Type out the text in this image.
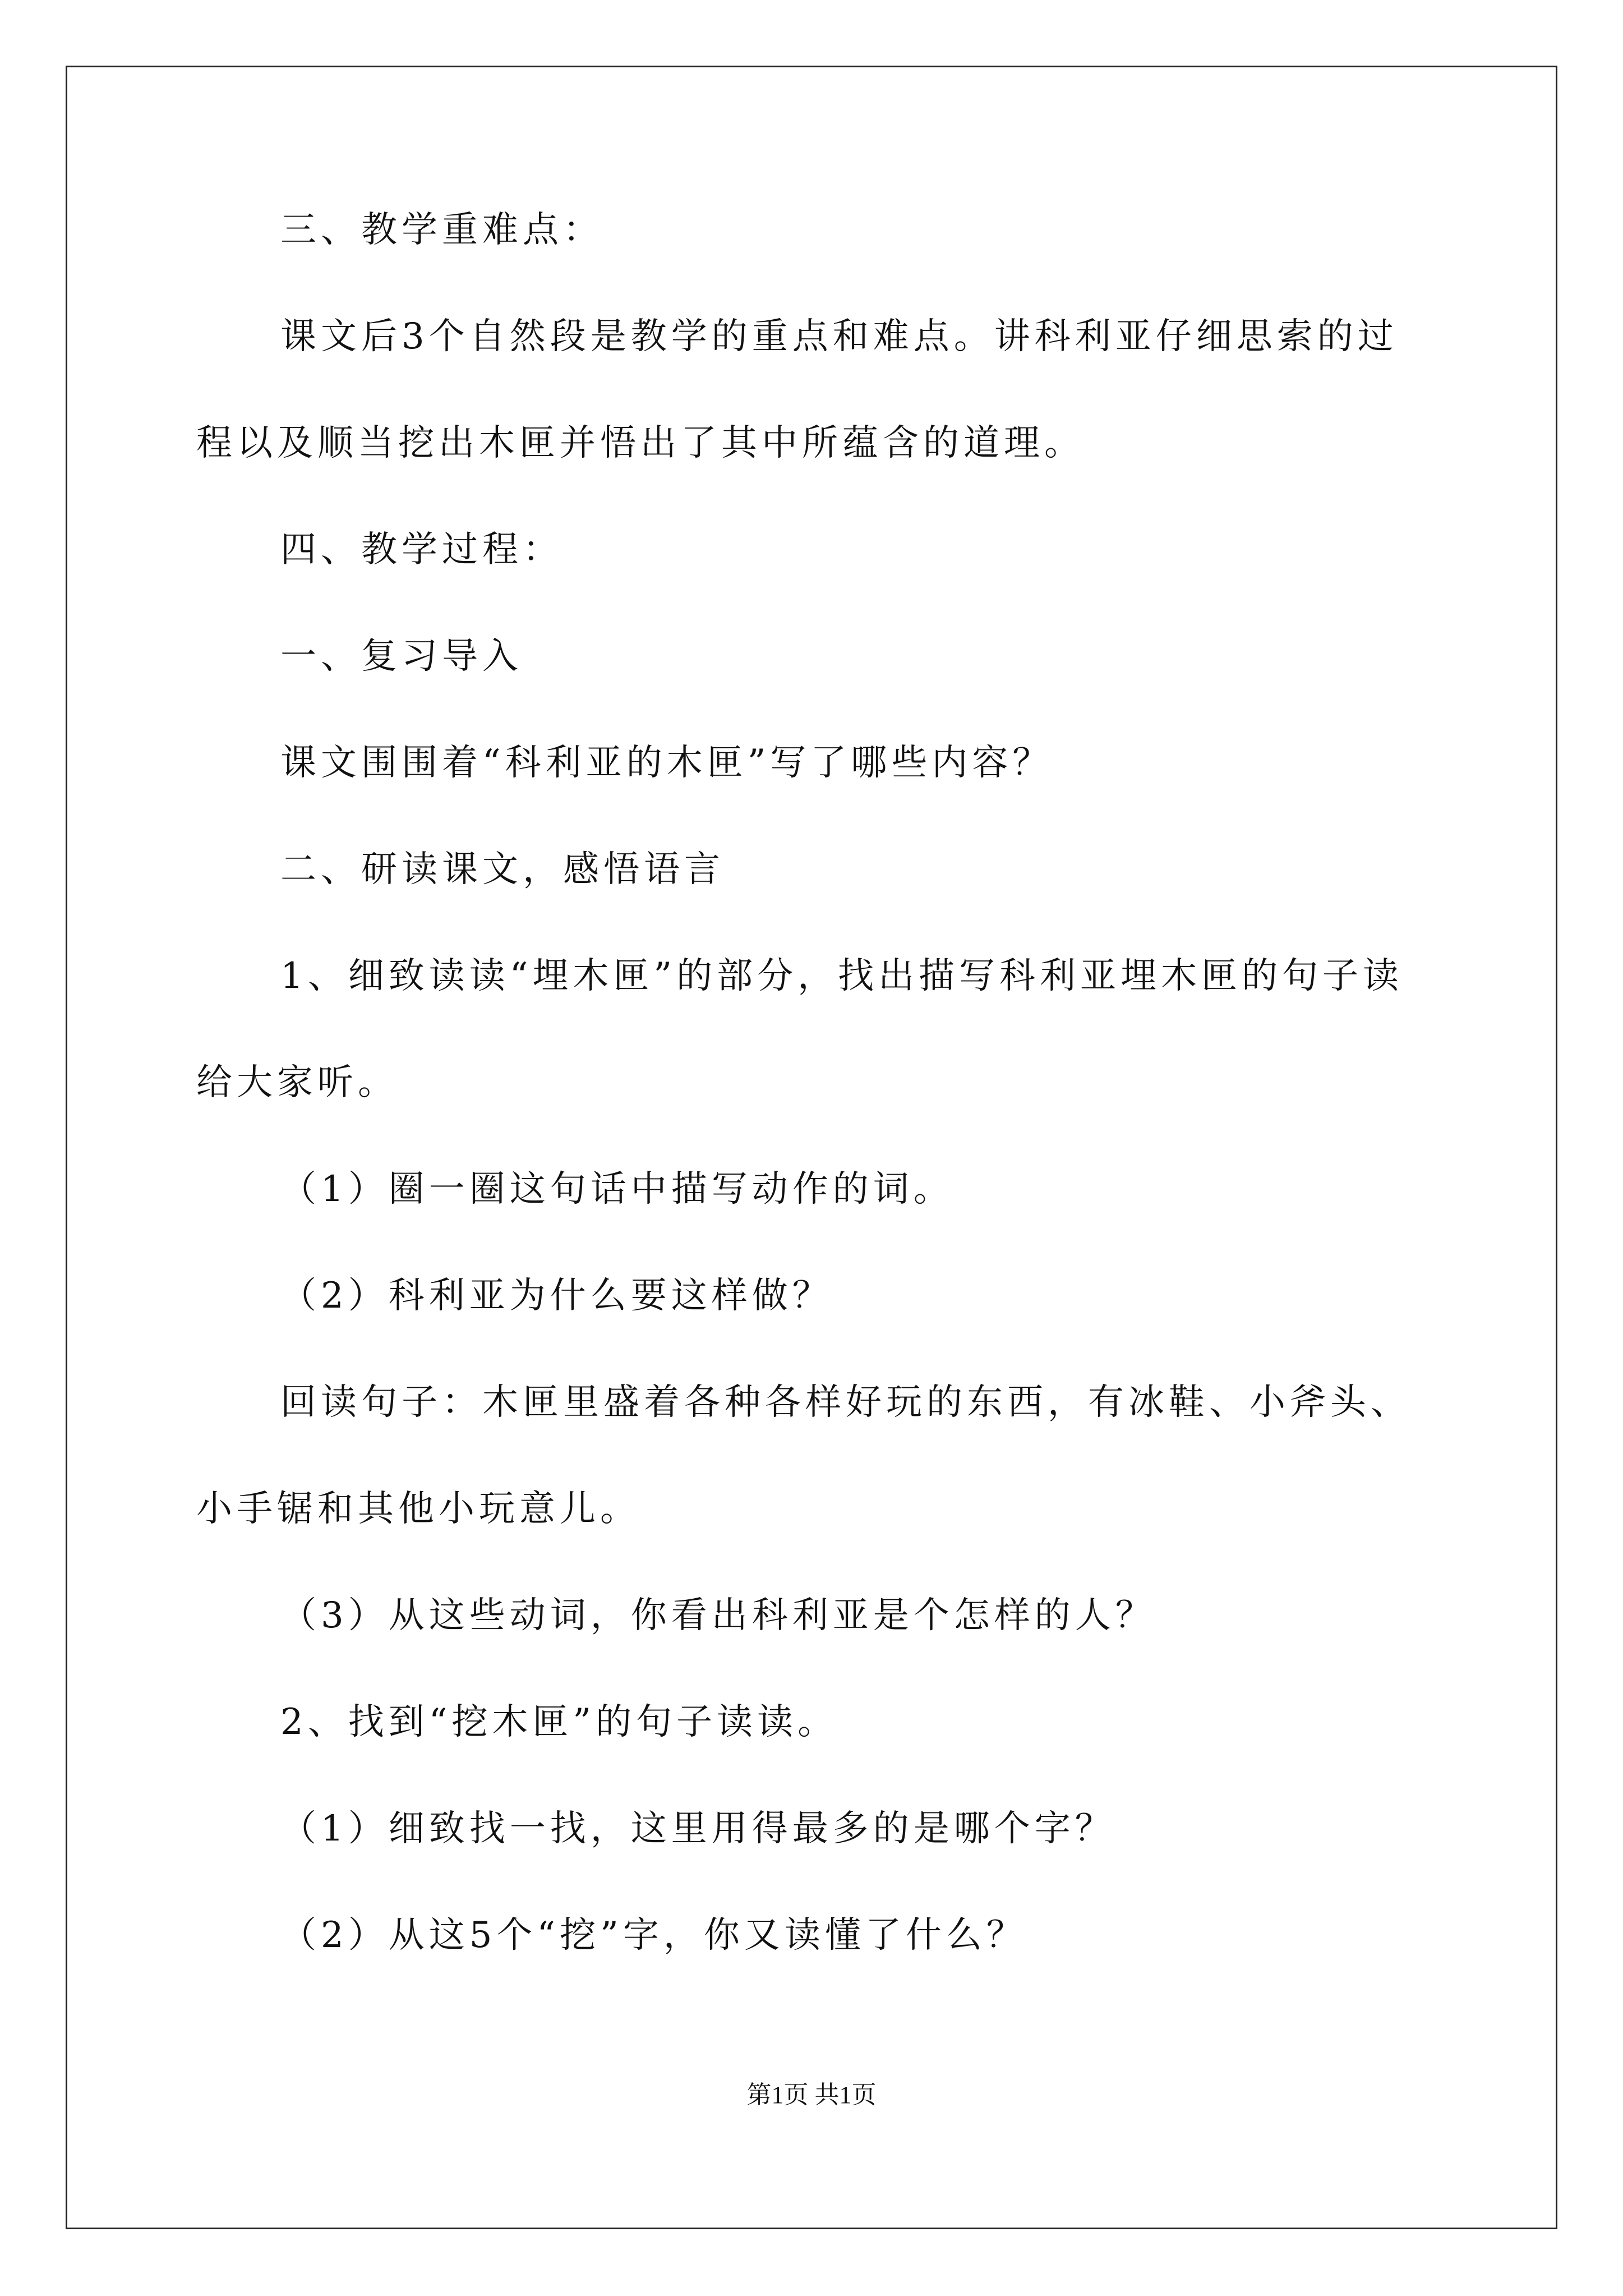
三、教学重难点：
课文后3个自然段是教学的重点和难点。讲科利亚仔细思索的过
程以及顺当挖出木匣并悟出了其中所蕴含的道理。
四、教学过程：
一、复习导入
课文围围着“科利亚的木匣”写了哪些内容？
二、研读课文，感悟语言
1、细致读读“埋木匣”的部分，找出描写科利亚埋木匣的句子读
给大家听。
（1）圈一圈这句话中描写动作的词。
（2）科利亚为什么要这样做？
回读句子：木匣里盛着各种各样好玩的东西，有冰鞋、小斧头、
小手锯和其他小玩意儿。
（3）从这些动词，你看出科利亚是个怎样的人？
2、找到“挖木匣”的句子读读。
（1）细致找一找，这里用得最多的是哪个字？
（2）从这5个“挖”字，你又读懂了什么？
第1页 共1页
